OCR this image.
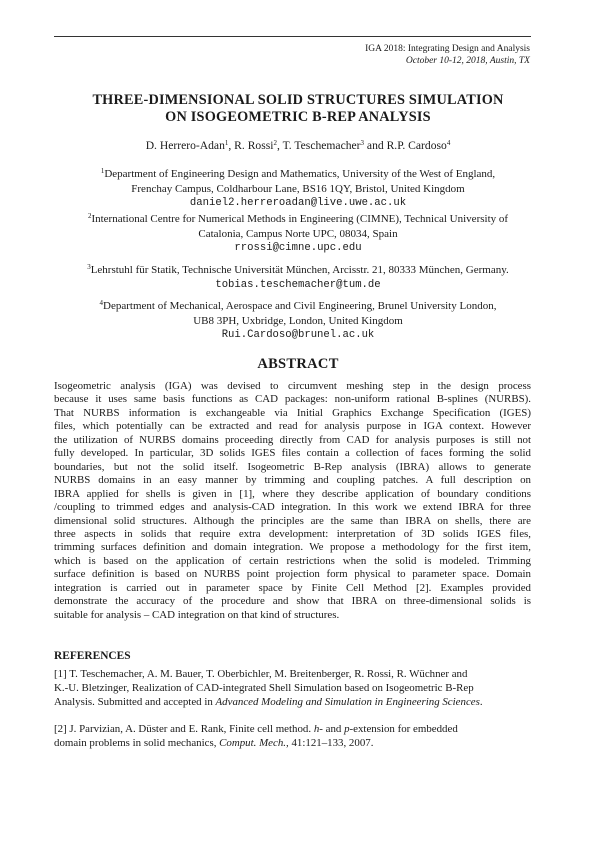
IGA 2018: Integrating Design and Analysis
October 10-12, 2018, Austin, TX
THREE-DIMENSIONAL SOLID STRUCTURES SIMULATION
ON ISOGEOMETRIC B-REP ANALYSIS
D. Herrero-Adan$^1$, R. Rossi$^2$, T. Teschemacher$^3$ and R.P. Cardoso$^4$
$^1$Department of Engineering Design and Mathematics, University of the West of England,
Frenchay Campus, Coldharbour Lane, BS16 1QY, Bristol, United Kingdom
daniel2.herreroadan@live.uwe.ac.uk
$^2$International Centre for Numerical Methods in Engineering (CIMNE), Technical University of
Catalonia, Campus Norte UPC, 08034, Spain
rrossi@cimne.upc.edu
$^3$Lehrstuhl für Statik, Technische Universität München, Arcisstr. 21, 80333 München, Germany.
tobias.teschemacher@tum.de
$^4$Department of Mechanical, Aerospace and Civil Engineering, Brunel University London,
UB8 3PH, Uxbridge, London, United Kingdom
Rui.Cardoso@brunel.ac.uk
ABSTRACT
Isogeometric analysis (IGA) was devised to circumvent meshing step in the design process
because it uses same basis functions as CAD packages: non-uniform rational B-splines (NURBS).
That NURBS information is exchangeable via Initial Graphics Exchange Specification (IGES)
files, which potentially can be extracted and read for analysis purpose in IGA context. However
the utilization of NURBS domains proceeding directly from CAD for analysis purposes is still not
fully developed. In particular, 3D solids IGES files contain a collection of faces forming the solid
boundaries, but not the solid itself. Isogeometric B-Rep analysis (IBRA) allows to generate
NURBS domains in an easy manner by trimming and coupling patches. A full description on
IBRA applied for shells is given in [1], where they describe application of boundary conditions
/coupling to trimmed edges and analysis-CAD integration. In this work we extend IBRA for three
dimensional solid structures. Although the principles are the same than IBRA on shells, there are
three aspects in solids that require extra development: interpretation of 3D solids IGES files,
trimming surfaces definition and domain integration. We propose a methodology for the first item,
which is based on the application of certain restrictions when the solid is modeled. Trimming
surface definition is based on NURBS point projection form physical to parameter space. Domain
integration is carried out in parameter space by Finite Cell Method [2]. Examples provided
demonstrate the accuracy of the procedure and show that IBRA on three-dimensional solids is
suitable for analysis – CAD integration on that kind of structures.
REFERENCES
[1] T. Teschemacher, A. M. Bauer, T. Oberbichler, M. Breitenberger, R. Rossi, R. Wüchner and
K.-U. Bletzinger, Realization of CAD-integrated Shell Simulation based on Isogeometric B-Rep
Analysis. Submitted and accepted in Advanced Modeling and Simulation in Engineering Sciences.
[2] J. Parvizian, A. Düster and E. Rank, Finite cell method. h- and p-extension for embedded
domain problems in solid mechanics, Comput. Mech., 41:121–133, 2007.
